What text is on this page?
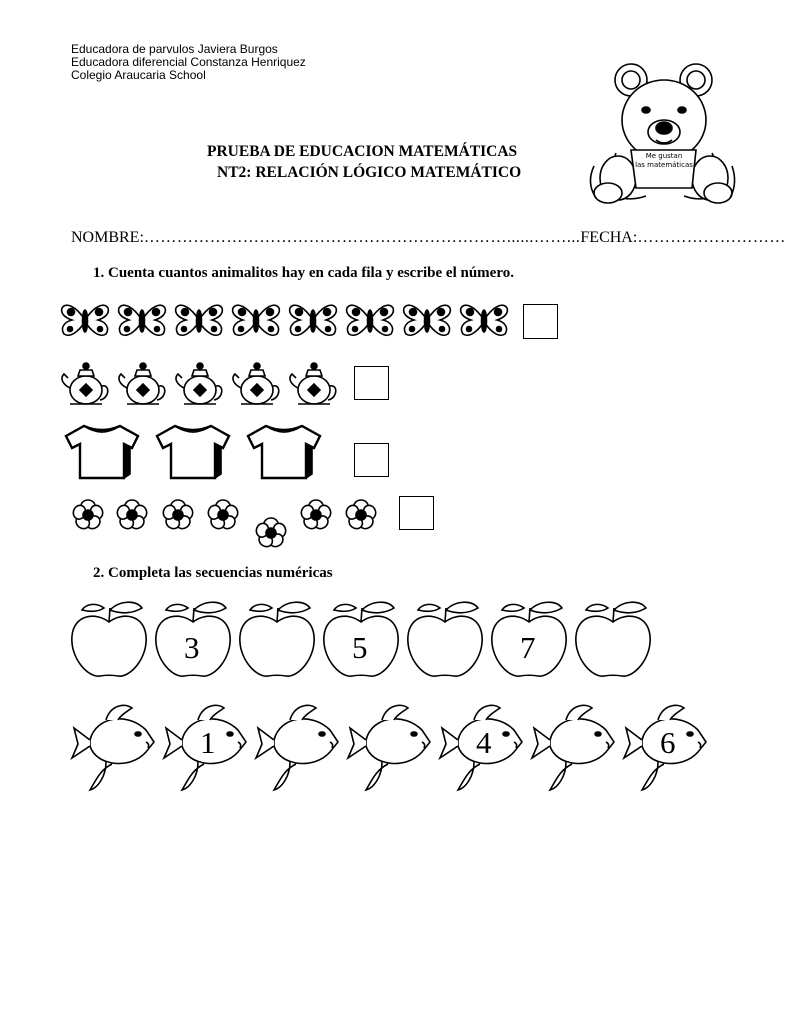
Educadora de parvulos Javiera Burgos
Educadora diferencial Constanza Henriquez
Colegio Araucaria School
Me gustan
las matemáticas
PRUEBA DE EDUCACION MATEMÁTICAS
NT2: RELACIÓN LÓGICO MATEMÁTICO
NOMBRE:…………………………………………………………......……...FECHA:………………………
1. Cuenta cuantos animalitos hay en cada fila y escribe el número.
2. Completa las secuencias numéricas
3	5	7
1	4	6
